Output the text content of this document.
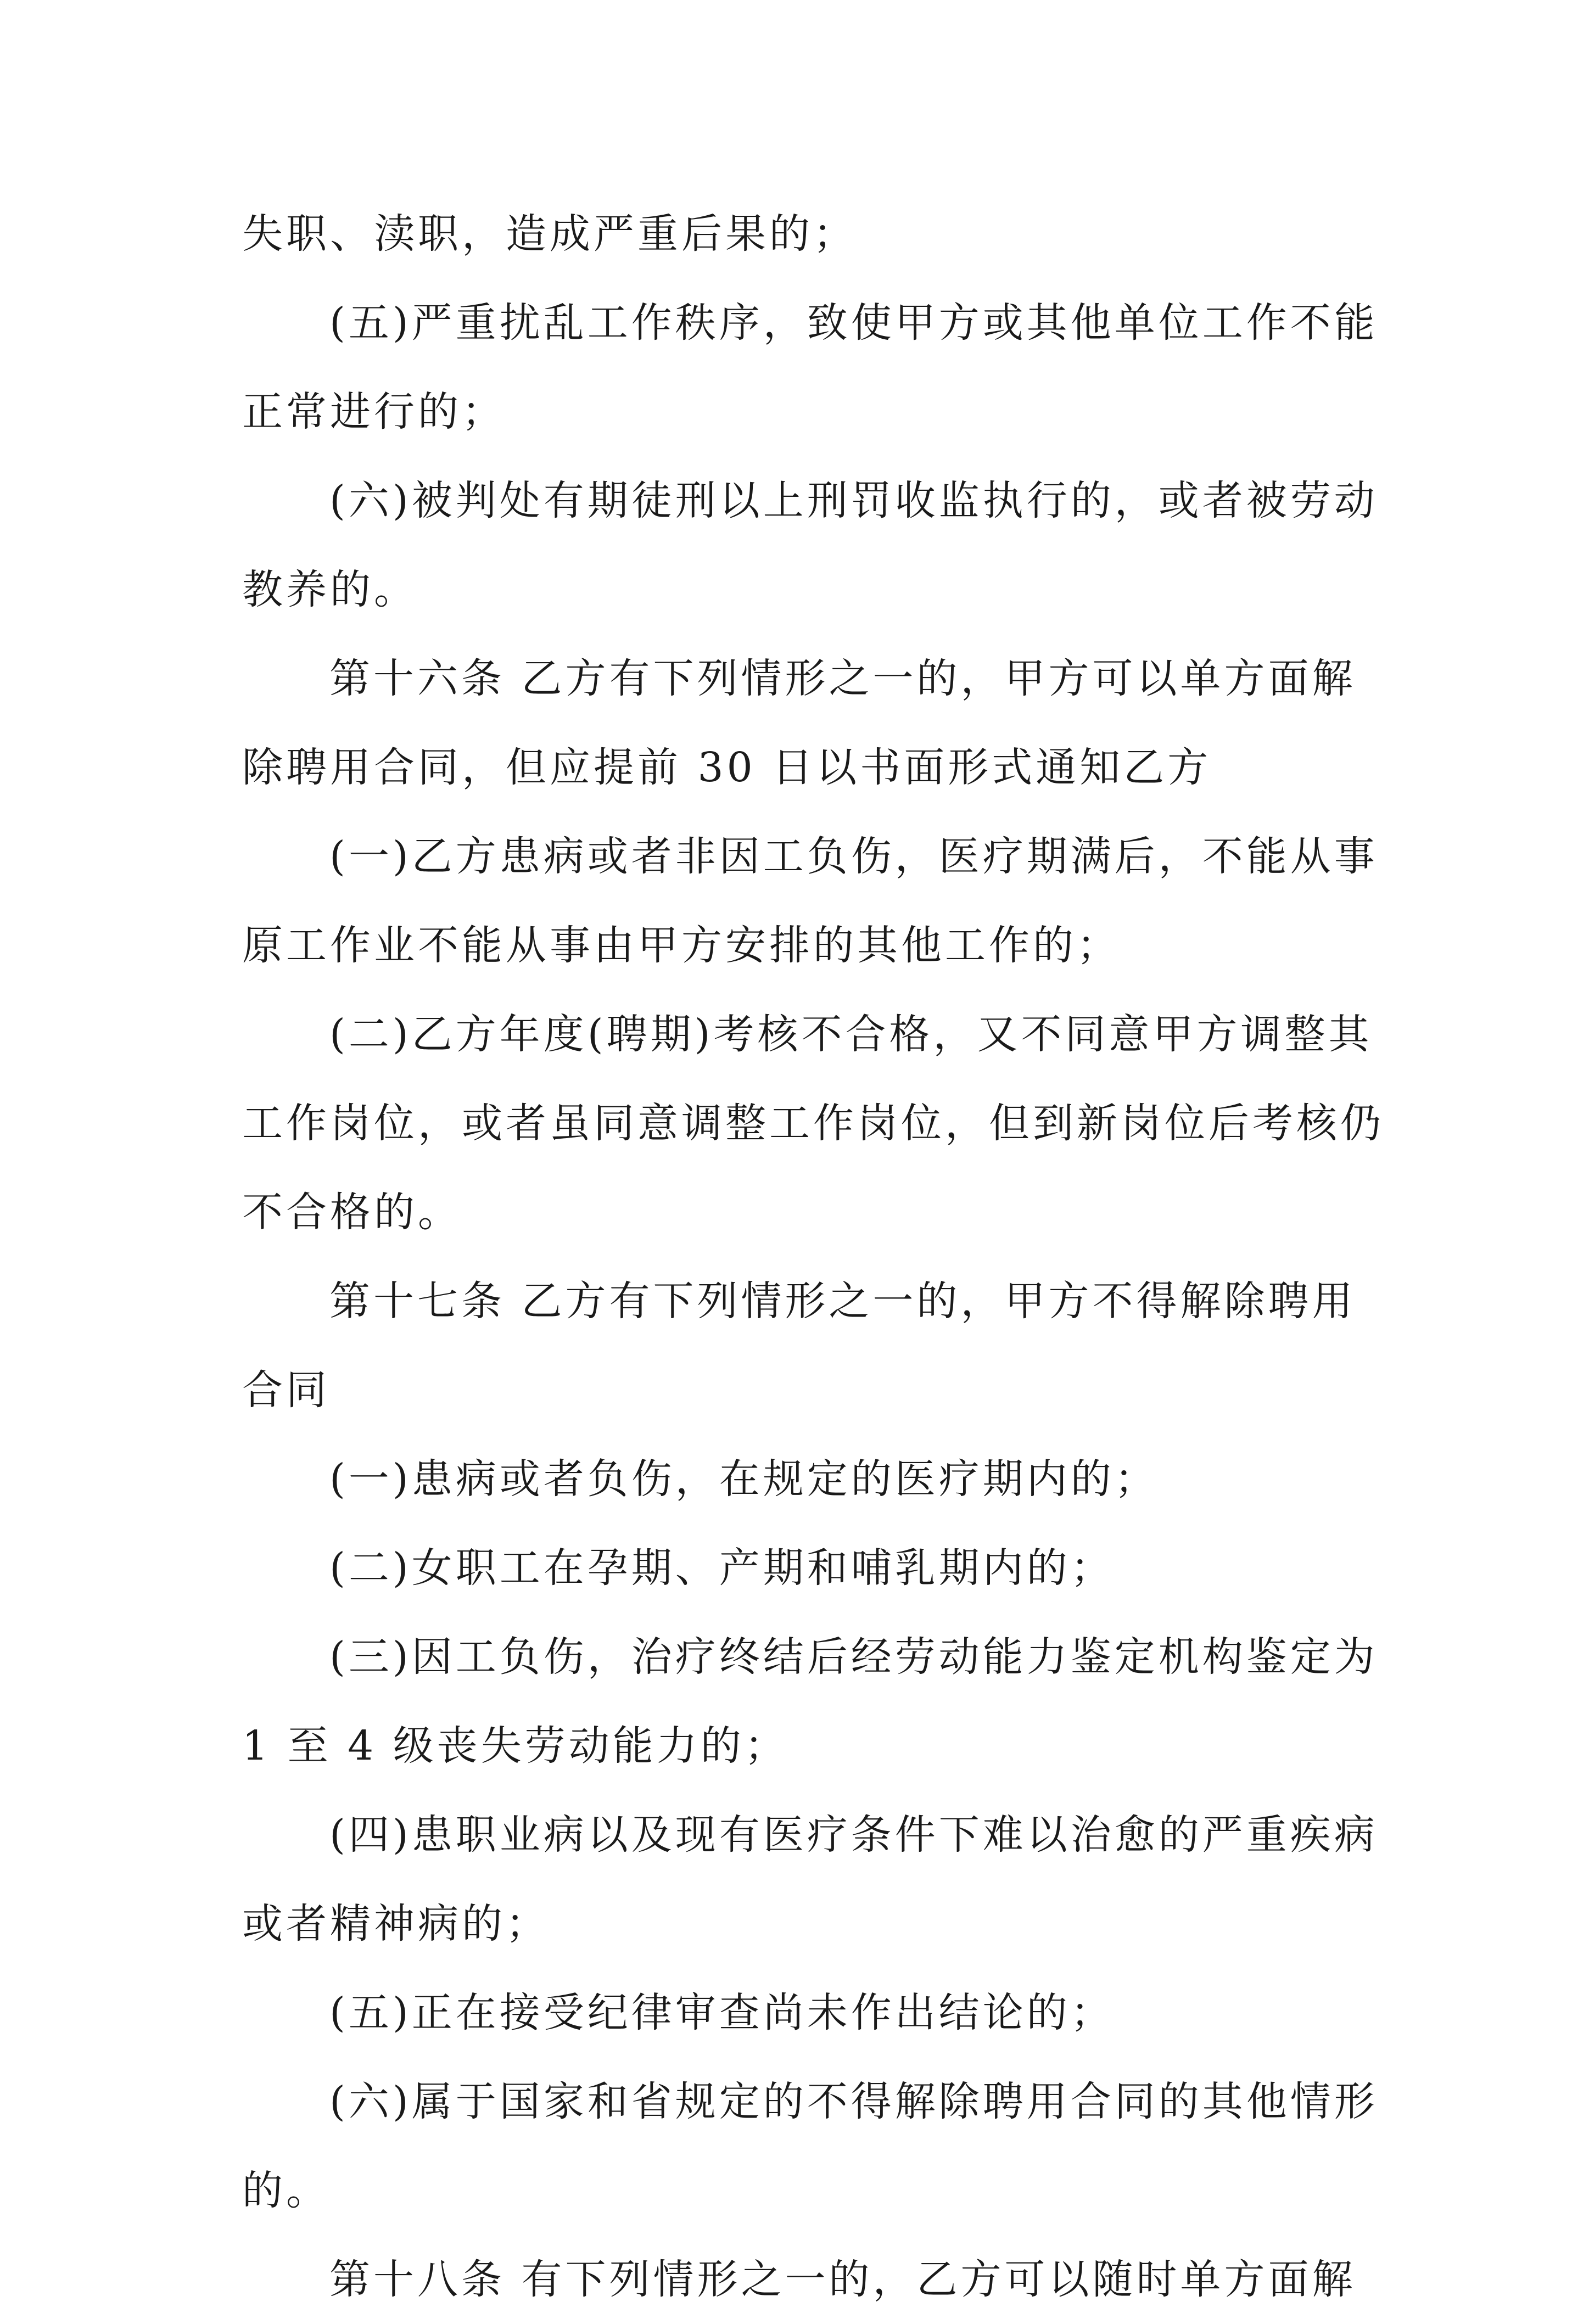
失职、渎职，造成严重后果的；
(五)严重扰乱工作秩序，致使甲方或其他单位工作不能
正常进行的；
(六)被判处有期徒刑以上刑罚收监执行的，或者被劳动
教养的。
第十六条 乙方有下列情形之一的，甲方可以单方面解
除聘用合同，但应提前 30 日以书面形式通知乙方
(一)乙方患病或者非因工负伤，医疗期满后，不能从事
原工作业不能从事由甲方安排的其他工作的；
(二)乙方年度(聘期)考核不合格，又不同意甲方调整其
工作岗位，或者虽同意调整工作岗位，但到新岗位后考核仍
不合格的。
第十七条 乙方有下列情形之一的，甲方不得解除聘用
合同
(一)患病或者负伤，在规定的医疗期内的；
(二)女职工在孕期、产期和哺乳期内的；
(三)因工负伤，治疗终结后经劳动能力鉴定机构鉴定为
1 至 4 级丧失劳动能力的；
(四)患职业病以及现有医疗条件下难以治愈的严重疾病
或者精神病的；
(五)正在接受纪律审查尚未作出结论的；
(六)属于国家和省规定的不得解除聘用合同的其他情形
的。
第十八条 有下列情形之一的，乙方可以随时单方面解
